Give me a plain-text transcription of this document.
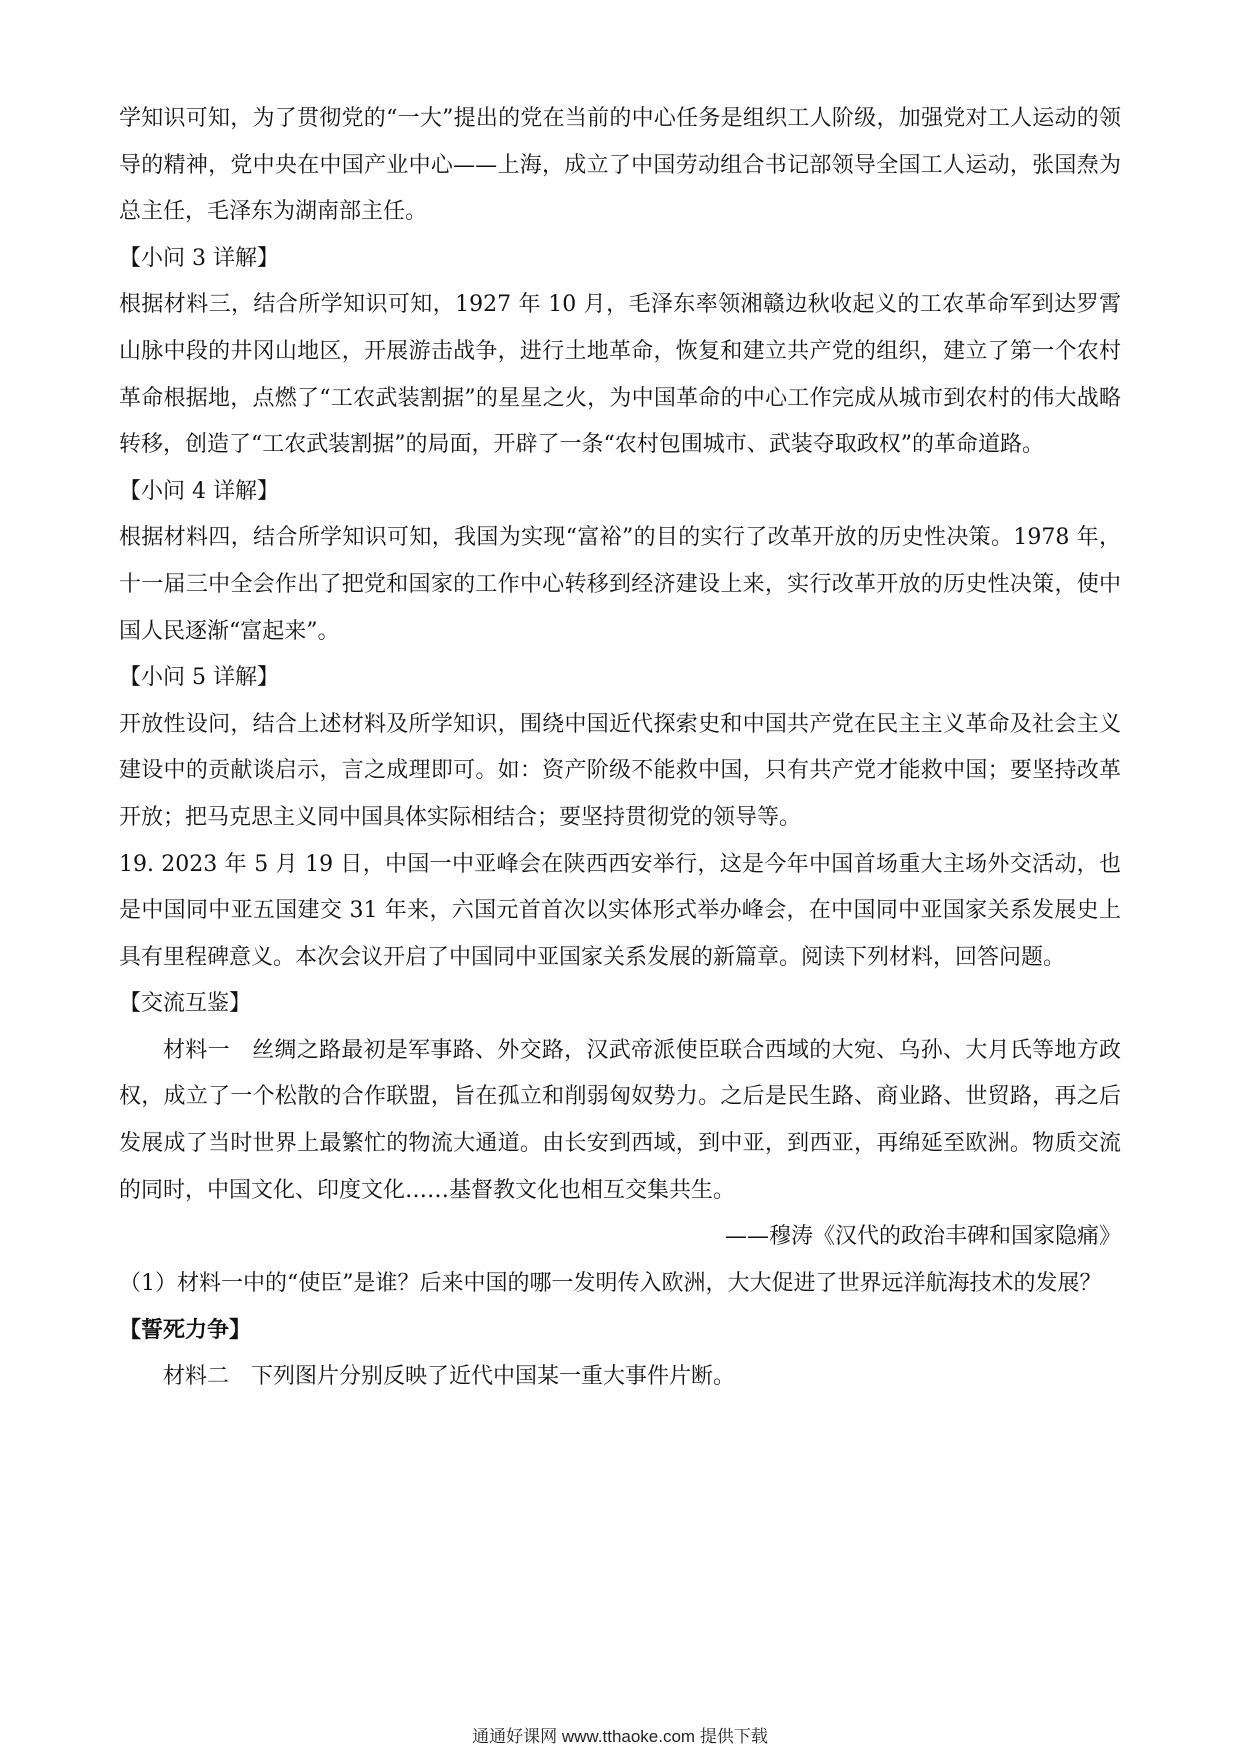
学知识可知，为了贯彻党的“一大”提出的党在当前的中心任务是组织工人阶级，加强党对工人运动的领导的精神，党中央在中国产业中心——上海，成立了中国劳动组合书记部领导全国工人运动，张国焘为总主任，毛泽东为湖南部主任。

【小问 3 详解】

根据材料三，结合所学知识可知，1927 年 10 月，毛泽东率领湘赣边秋收起义的工农革命军到达罗霄山脉中段的井冈山地区，开展游击战争，进行土地革命，恢复和建立共产党的组织，建立了第一个农村革命根据地，点燃了“工农武装割据”的星星之火，为中国革命的中心工作完成从城市到农村的伟大战略转移，创造了“工农武装割据”的局面，开辟了一条“农村包围城市、武装夺取政权”的革命道路。

【小问 4 详解】

根据材料四，结合所学知识可知，我国为实现“富裕”的目的实行了改革开放的历史性决策。1978 年，十一届三中全会作出了把党和国家的工作中心转移到经济建设上来，实行改革开放的历史性决策，使中国人民逐渐“富起来”。

【小问 5 详解】

开放性设问，结合上述材料及所学知识，围绕中国近代探索史和中国共产党在民主主义革命及社会主义建设中的贡献谈启示，言之成理即可。如：资产阶级不能救中国，只有共产党才能救中国；要坚持改革开放；把马克思主义同中国具体实际相结合；要坚持贯彻党的领导等。

19. 2023 年 5 月 19 日，中国一中亚峰会在陕西西安举行，这是今年中国首场重大主场外交活动，也是中国同中亚五国建交 31 年来，六国元首首次以实体形式举办峰会，在中国同中亚国家关系发展史上具有里程碑意义。本次会议开启了中国同中亚国家关系发展的新篇章。阅读下列材料，回答问题。

【交流互鉴】

材料一　丝绸之路最初是军事路、外交路，汉武帝派使臣联合西域的大宛、乌孙、大月氏等地方政权，成立了一个松散的合作联盟，旨在孤立和削弱匈奴势力。之后是民生路、商业路、世贸路，再之后发展成了当时世界上最繁忙的物流大通道。由长安到西域，到中亚，到西亚，再绵延至欧洲。物质交流的同时，中国文化、印度文化……基督教文化也相互交集共生。

——穆涛《汉代的政治丰碑和国家隐痛》

（1）材料一中的“使臣”是谁？后来中国的哪一发明传入欧洲，大大促进了世界远洋航海技术的发展？

【誓死力争】

材料二　下列图片分别反映了近代中国某一重大事件片断。

通通好课网 www.tthaoke.com 提供下载
